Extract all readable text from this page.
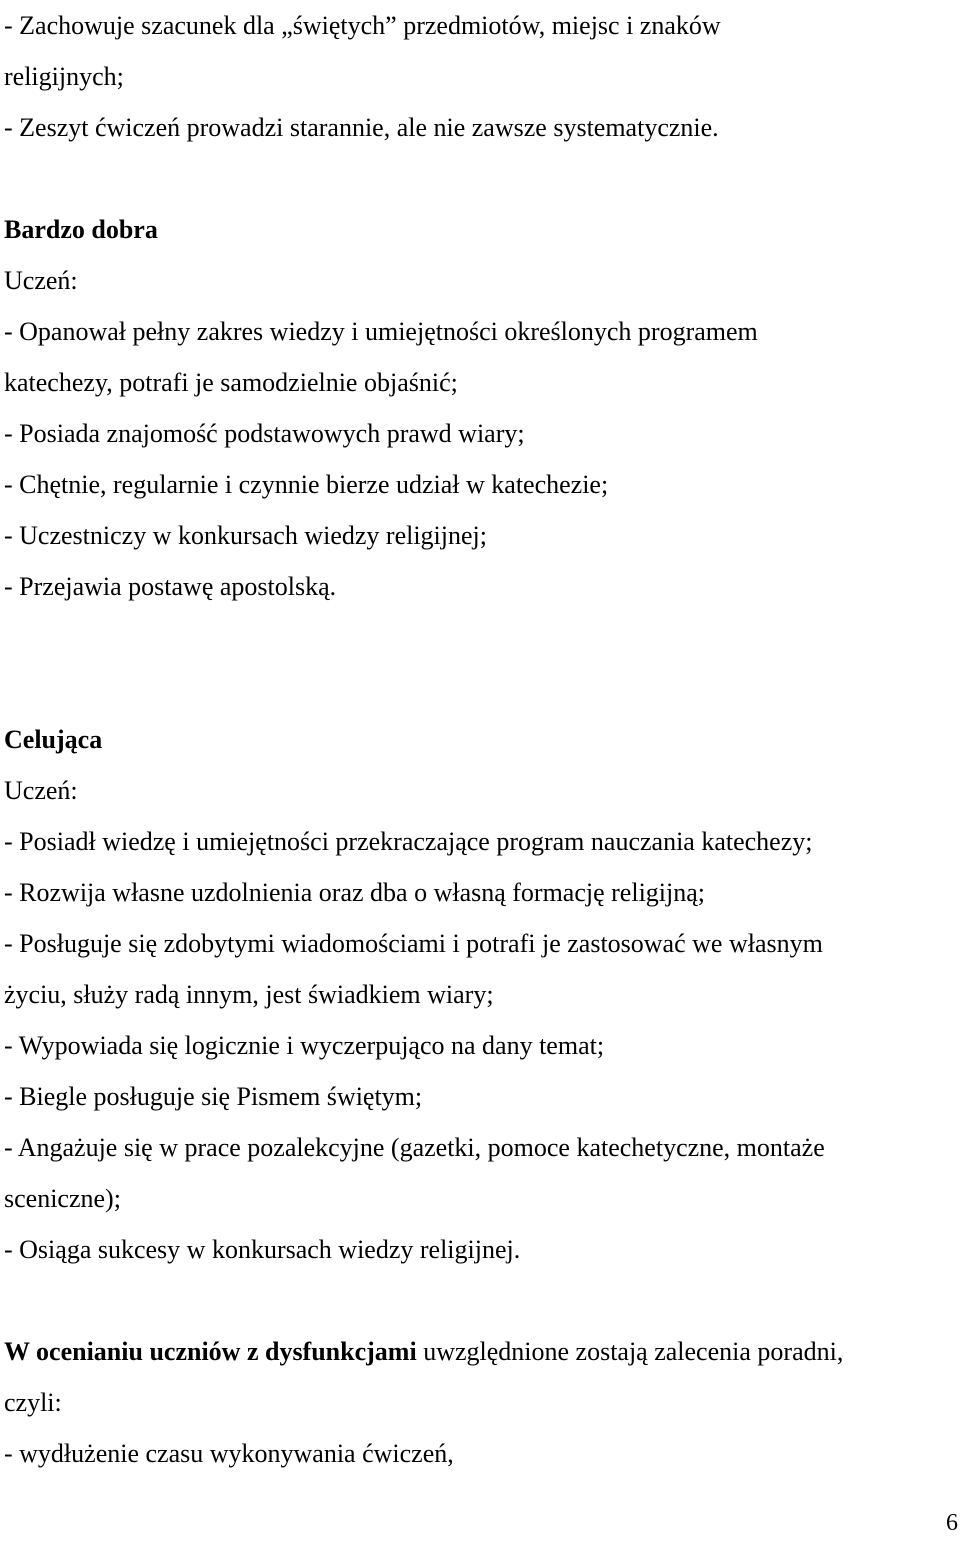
- Zachowuje szacunek dla „świętych” przedmiotów, miejsc i znaków
religijnych;
- Zeszyt ćwiczeń prowadzi starannie, ale nie zawsze systematycznie.
Bardzo dobra
Uczeń:
- Opanował pełny zakres wiedzy i umiejętności określonych programem
katechezy, potrafi je samodzielnie objaśnić;
- Posiada znajomość podstawowych prawd wiary;
- Chętnie, regularnie i czynnie bierze udział w katechezie;
- Uczestniczy w konkursach wiedzy religijnej;
- Przejawia postawę apostolską.
Celująca
Uczeń:
- Posiadł wiedzę i umiejętności przekraczające program nauczania katechezy;
- Rozwija własne uzdolnienia oraz dba o własną formację religijną;
- Posługuje się zdobytymi wiadomościami i potrafi je zastosować we własnym
życiu, służy radą innym, jest świadkiem wiary;
- Wypowiada się logicznie i wyczerpująco na dany temat;
- Biegle posługuje się Pismem świętym;
- Angażuje się w prace pozalekcyjne (gazetki, pomoce katechetyczne, montaże
sceniczne);
- Osiąga sukcesy w konkursach wiedzy religijnej.
W ocenianiu uczniów z dysfunkcjami uwzględnione zostają zalecenia poradni,
czyli:
- wydłużenie czasu wykonywania ćwiczeń,
6
